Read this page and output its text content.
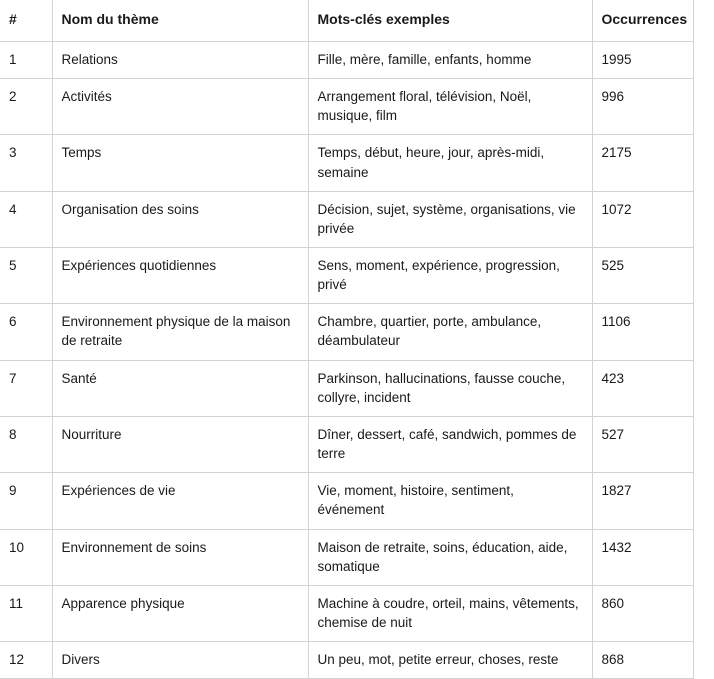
#	Nom du thème	Mots-clés exemples	Occurrences
1	Relations	Fille, mère, famille, enfants, homme	1995
2	Activités	Arrangement floral, télévision, Noël, musique, film	996
3	Temps	Temps, début, heure, jour, après-midi, semaine	2175
4	Organisation des soins	Décision, sujet, système, organisations, vie privée	1072
5	Expériences quotidiennes	Sens, moment, expérience, progression, privé	525
6	Environnement physique de la maison de retraite	Chambre, quartier, porte, ambulance, déambulateur	1106
7	Santé	Parkinson, hallucinations, fausse couche, collyre, incident	423
8	Nourriture	Dîner, dessert, café, sandwich, pommes de terre	527
9	Expériences de vie	Vie, moment, histoire, sentiment, événement	1827
10	Environnement de soins	Maison de retraite, soins, éducation, aide, somatique	1432
11	Apparence physique	Machine à coudre, orteil, mains, vêtements, chemise de nuit	860
12	Divers	Un peu, mot, petite erreur, choses, reste	868
